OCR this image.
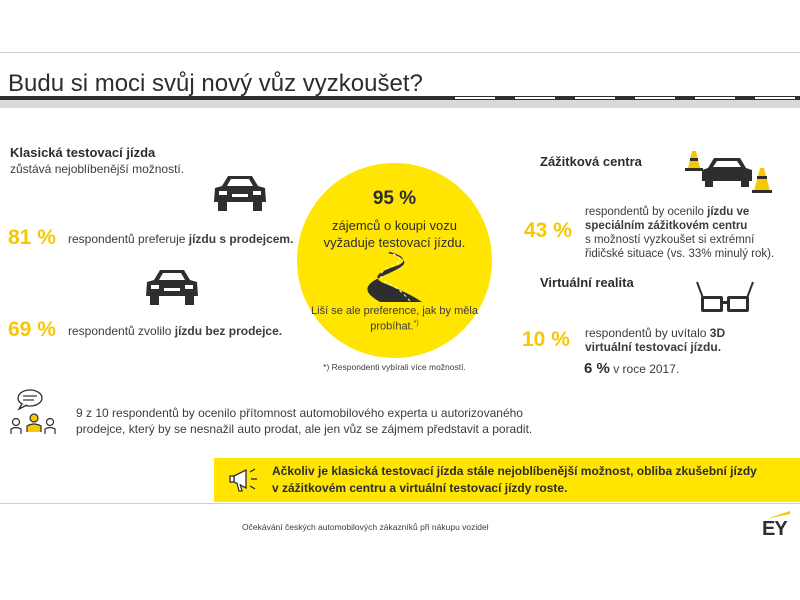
Budu si moci svůj nový vůz vyzkoušet?
Klasická testovací jízda
zůstává nejoblíbenější možností.
81 % respondentů preferuje jízdu s prodejcem.
69 % respondentů zvolilo jízdu bez prodejce.
95 %
zájemců o koupi vozu
vyžaduje testovací jízdu.
Liší se ale preference, jak by měla
probíhat.*)
*) Respondenti vybírali více možností.
Zážitková centra
43 %
respondentů by ocenilo jízdu ve
speciálním zážitkovém centru
s možností vyzkoušet si extrémní
řidičské situace (vs. 33% minulý rok).
Virtuální realita
10 % respondentů by uvítalo 3D
virtuální testovací jízdu.
6 % v roce 2017.
9 z 10 respondentů by ocenilo přítomnost automobilového experta u autorizovaného
prodejce, který by se nesnažil auto prodat, ale jen vůz se zájmem představit a poradit.
Ačkoliv je klasická testovací jízda stále nejoblíbenější možnost, obliba zkušební jízdy
v zážitkovém centru a virtuální testovací jízdy roste.
Očekávání českých automobilových zákazníků při nákupu vozidel	EY
